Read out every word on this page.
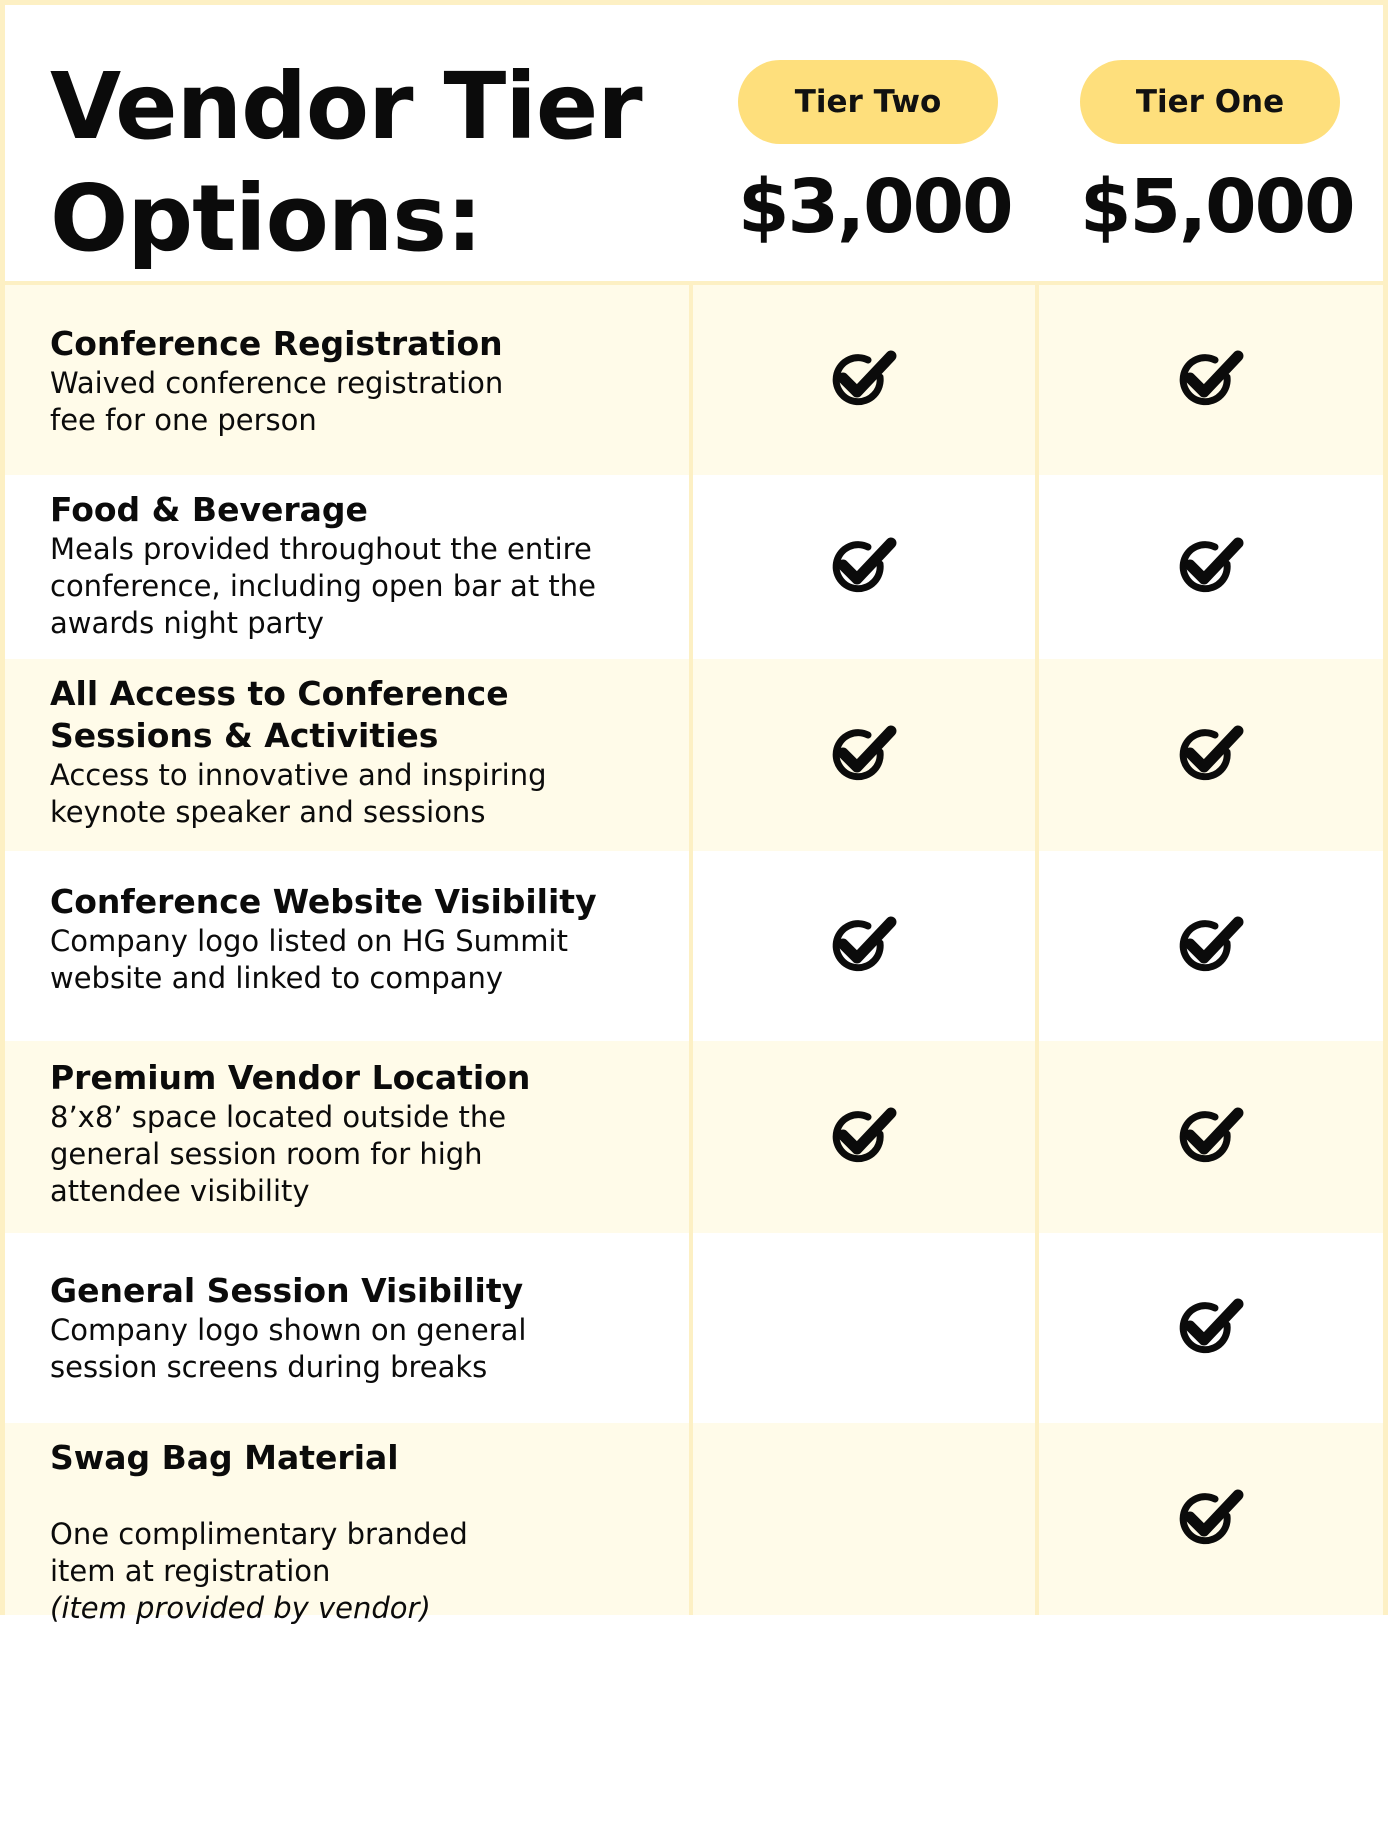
Vendor Tier
Options:
Tier Two
$3,000
Tier One
$5,000
Conference Registration
Waived conference registration
fee for one person
Food & Beverage
Meals provided throughout the entire
conference, including open bar at the
awards night party
All Access to Conference
Sessions & Activities
Access to innovative and inspiring
keynote speaker and sessions
Conference Website Visibility
Company logo listed on HG Summit
website and linked to company
Premium Vendor Location
8’x8’ space located outside the
general session room for high
attendee visibility
General Session Visibility
Company logo shown on general
session screens during breaks
Swag Bag Material

One complimentary branded
item at registration

(item provided by vendor)
